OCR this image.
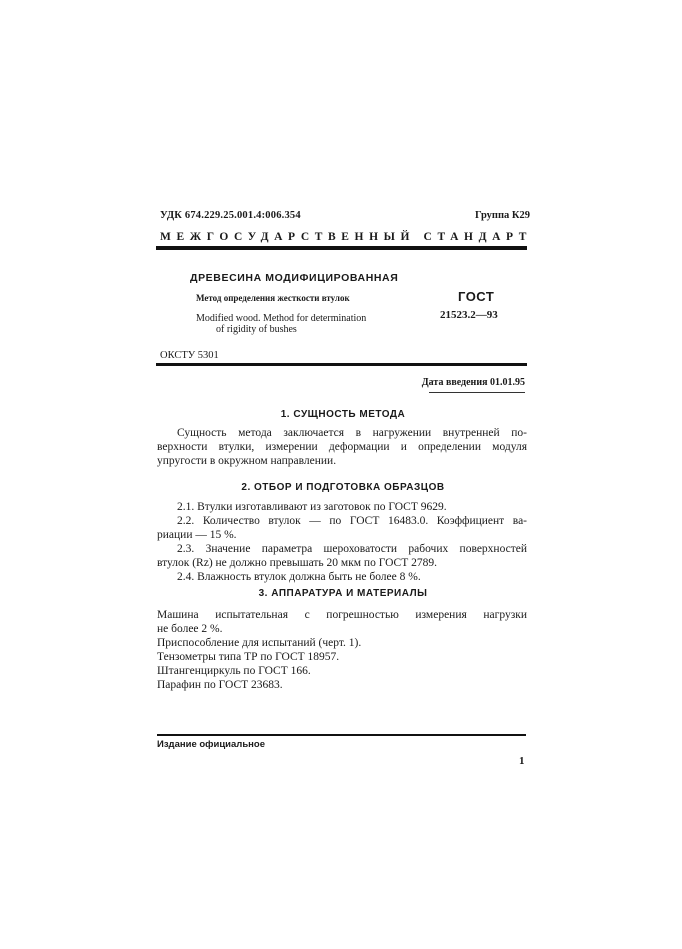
УДК 674.229.25.001.4:006.354	Группа К29
МЕЖГОСУДАРСТВЕННЫЙ СТАНДАРТ
ДРЕВЕСИНА МОДИФИЦИРОВАННАЯ
Метод определения жесткости втулок
Modified wood. Method for determination
of rigidity of bushes
ГОСТ
21523.2—93
ОКСТУ 5301
Дата введения 01.01.95
1. СУЩНОСТЬ МЕТОДА
Сущность метода заключается в нагружении внутренней по-
верхности втулки, измерении деформации и определении модуля
упругости в окружном направлении.
2. ОТБОР И ПОДГОТОВКА ОБРАЗЦОВ
2.1. Втулки изготавливают из заготовок по ГОСТ 9629.
2.2. Количество втулок — по ГОСТ 16483.0. Коэффициент ва-
риации — 15 %.
2.3. Значение параметра шероховатости рабочих поверхностей
втулок (Rz) не должно превышать 20 мкм по ГОСТ 2789.
2.4. Влажность втулок должна быть не более 8 %.
3. АППАРАТУРА И МАТЕРИАЛЫ
Машина испытательная с погрешностью измерения нагрузки
не более 2 %.
Приспособление для испытаний (черт. 1).
Тензометры типа ТР по ГОСТ 18957.
Штангенциркуль по ГОСТ 166.
Парафин по ГОСТ 23683.
Издание официальное
1
